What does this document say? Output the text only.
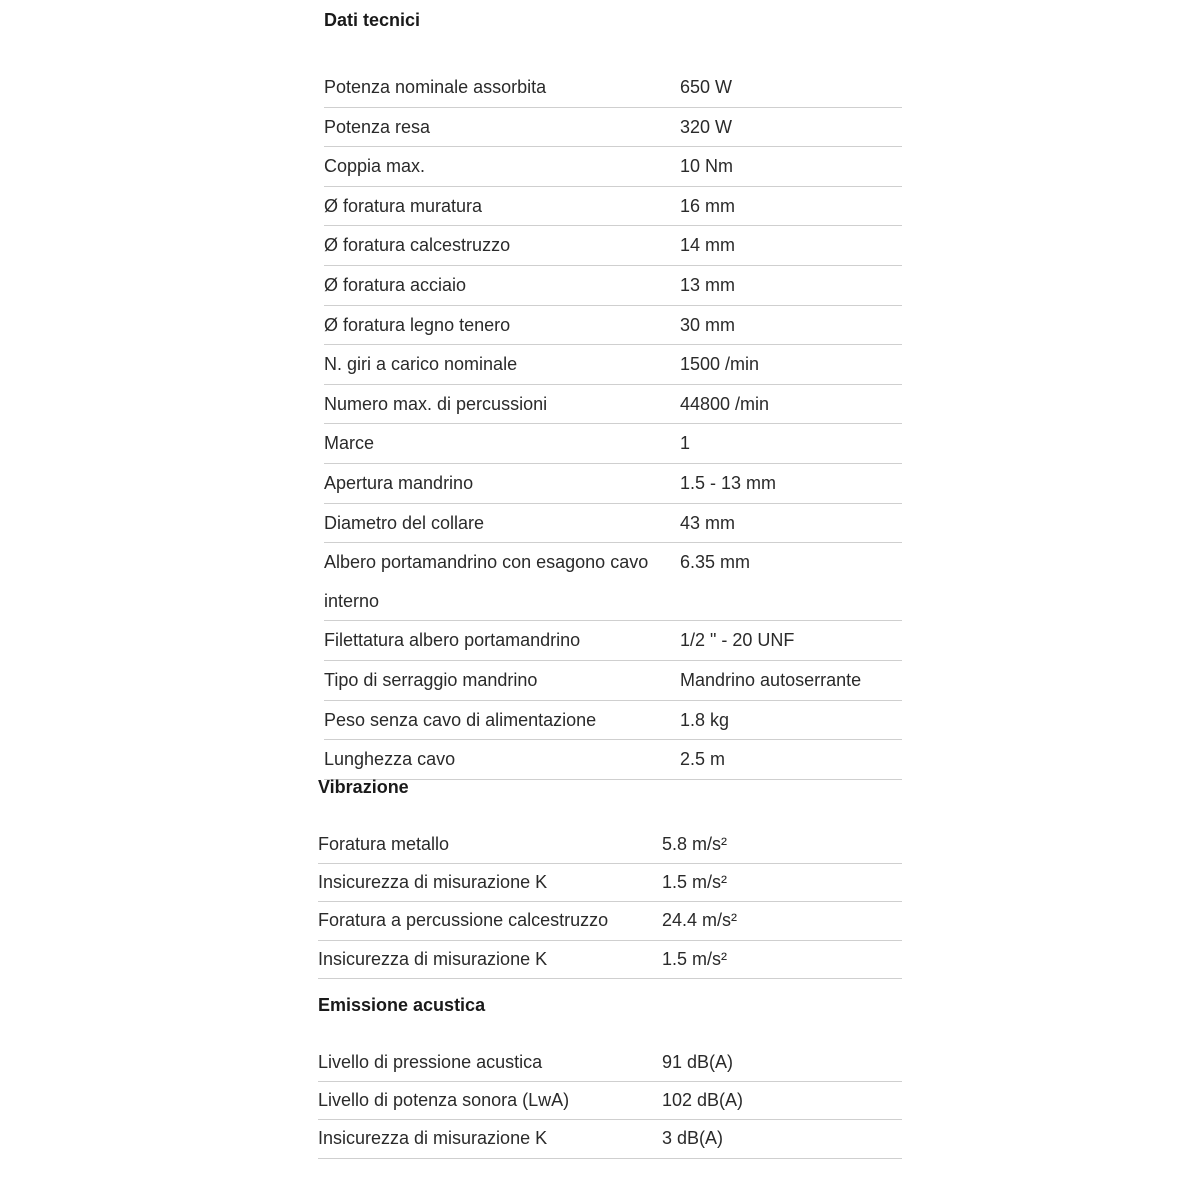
Dati tecnici
Potenza nominale assorbita	650 W
Potenza resa	320 W
Coppia max.	10 Nm
Ø foratura muratura	16 mm
Ø foratura calcestruzzo	14 mm
Ø foratura acciaio	13 mm
Ø foratura legno tenero	30 mm
N. giri a carico nominale	1500 /min
Numero max. di percussioni	44800 /min
Marce	1
Apertura mandrino	1.5 - 13 mm
Diametro del collare	43 mm
Albero portamandrino con esagono cavo interno	6.35 mm
Filettatura albero portamandrino	1/2 " - 20 UNF
Tipo di serraggio mandrino	Mandrino autoserrante
Peso senza cavo di alimentazione	1.8 kg
Lunghezza cavo	2.5 m
Vibrazione
Foratura metallo	5.8 m/s²
Insicurezza di misurazione K	1.5 m/s²
Foratura a percussione calcestruzzo	24.4 m/s²
Insicurezza di misurazione K	1.5 m/s²
Emissione acustica
Livello di pressione acustica	91 dB(A)
Livello di potenza sonora (LwA)	102 dB(A)
Insicurezza di misurazione K	3 dB(A)
